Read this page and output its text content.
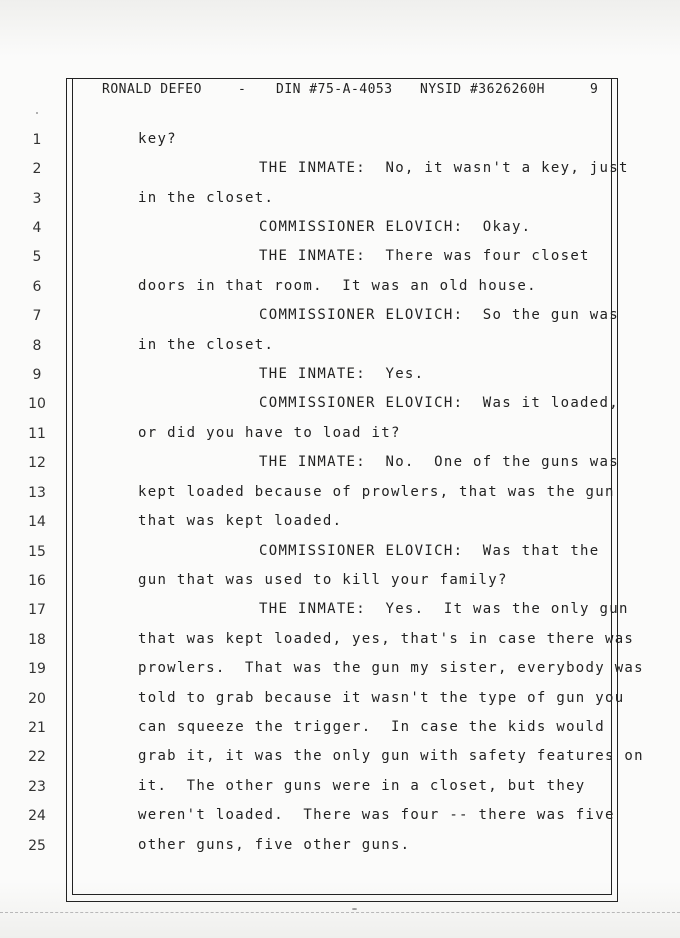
RONALD DEFEO	- DIN #75-A-4053 NYSID #3626260H	9
1
2
3
4
5
6
7
8
9
10
11
12
13
14
15
16
17
18
19
20
21
22
23
24
25
key?
THE INMATE:  No, it wasn't a key, just
in the closet.
COMMISSIONER ELOVICH:  Okay.
THE INMATE:  There was four closet
doors in that room.  It was an old house.
COMMISSIONER ELOVICH:  So the gun was
in the closet.
THE INMATE:  Yes.
COMMISSIONER ELOVICH:  Was it loaded,
or did you have to load it?
THE INMATE:  No.  One of the guns was
kept loaded because of prowlers, that was the gun
that was kept loaded.
COMMISSIONER ELOVICH:  Was that the
gun that was used to kill your family?
THE INMATE:  Yes.  It was the only gun
that was kept loaded, yes, that's in case there was
prowlers.  That was the gun my sister, everybody was
told to grab because it wasn't the type of gun you
can squeeze the trigger.  In case the kids would
grab it, it was the only gun with safety features on
it.  The other guns were in a closet, but they
weren't loaded.  There was four -- there was five
other guns, five other guns.
